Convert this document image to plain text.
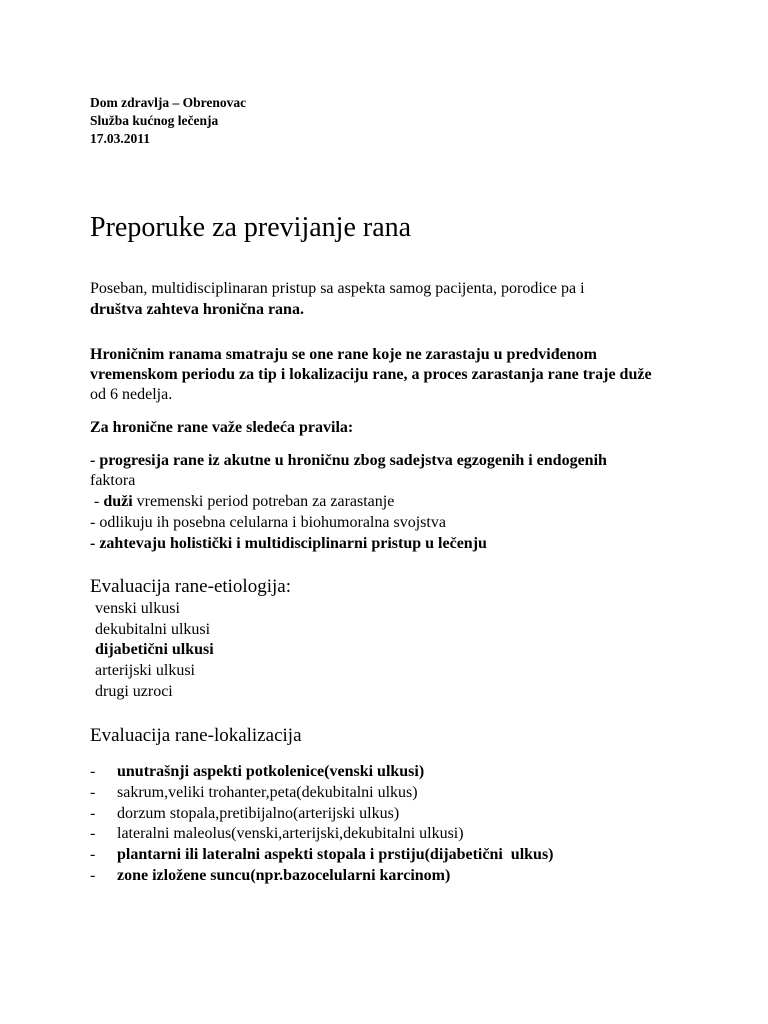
Dom zdravlja – Obrenovac
Služba kućnog lečenja
17.03.2011
Preporuke za previjanje rana
Poseban, multidisciplinaran pristup sa aspekta samog pacijenta, porodice pa i
društva zahteva hronična rana.
Hroničnim ranama smatraju se one rane koje ne zarastaju u predviđenom
vremenskom periodu za tip i lokalizaciju rane, a proces zarastanja rane traje duže
od 6 nedelja.
Za hronične rane važe sledeća pravila:
- progresija rane iz akutne u hroničnu zbog sadejstva egzogenih i endogenih
faktora
- duži vremenski period potreban za zarastanje
- odlikuju ih posebna celularna i biohumoralna svojstva
- zahtevaju holistički i multidisciplinarni pristup u lečenju
Evaluacija rane-etiologija:
venski ulkusi
dekubitalni ulkusi
dijabetični ulkusi
arterijski ulkusi
drugi uzroci
Evaluacija rane-lokalizacija
- unutrašnji aspekti potkolenice(venski ulkusi)
- sakrum,veliki trohanter,peta(dekubitalni ulkus)
- dorzum stopala,pretibijalno(arterijski ulkus)
- lateralni maleolus(venski,arterijski,dekubitalni ulkusi)
- plantarni ili lateralni aspekti stopala i prstiju(dijabetični  ulkus)
- zone izložene suncu(npr.bazocelularni karcinom)
